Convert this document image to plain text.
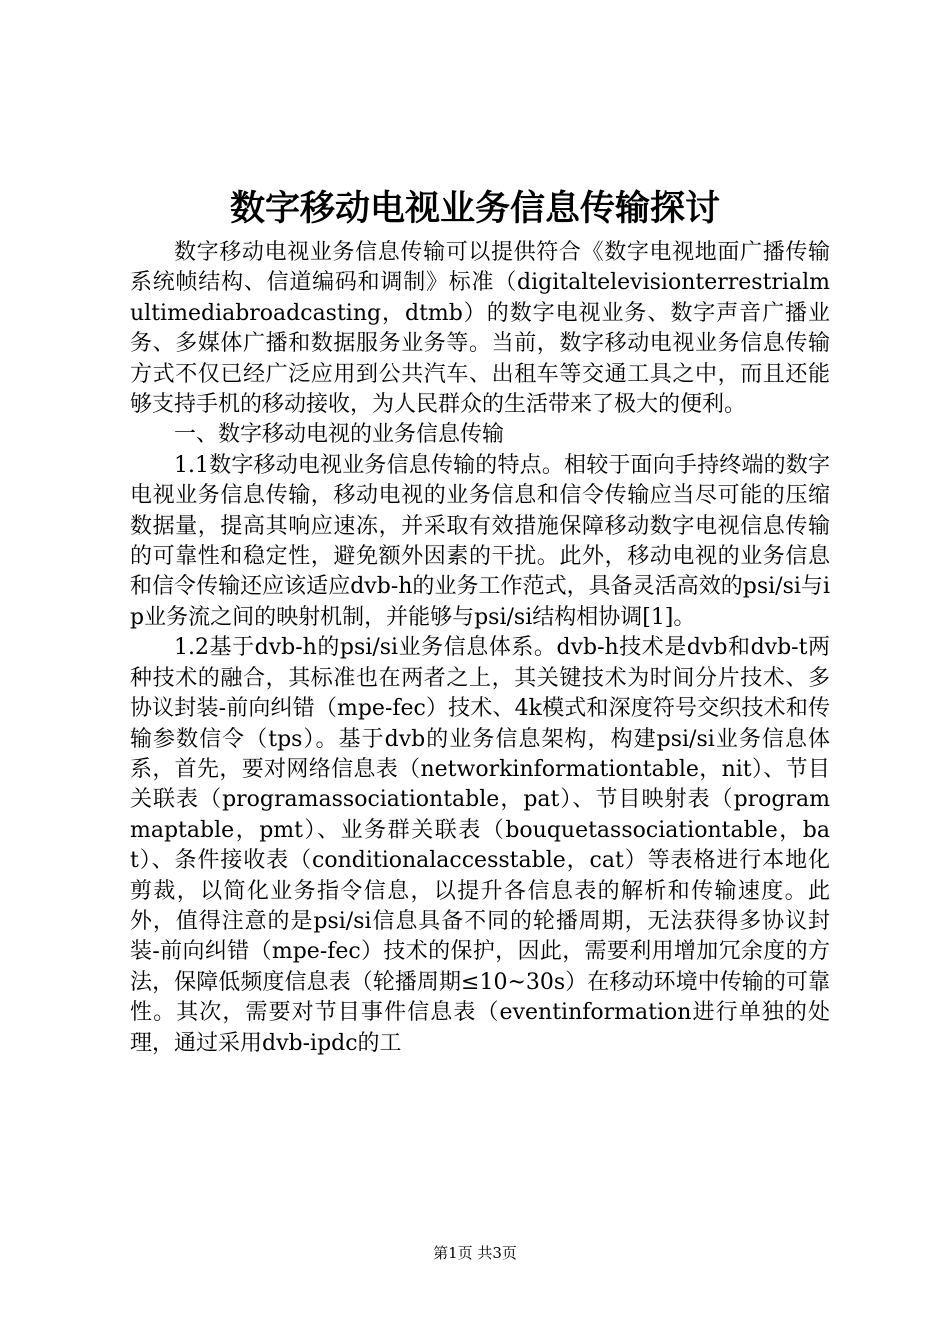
数字移动电视业务信息传输探讨

数字移动电视业务信息传输可以提供符合《数字电视地面广播传输系统帧结构、信道编码和调制》标准（digitaltelevisionterrestrialmultimediabroadcasting，dtmb）的数字电视业务、数字声音广播业务、多媒体广播和数据服务业务等。当前，数字移动电视业务信息传输方式不仅已经广泛应用到公共汽车、出租车等交通工具之中，而且还能够支持手机的移动接收，为人民群众的生活带来了极大的便利。

一、数字移动电视的业务信息传输

1.1数字移动电视业务信息传输的特点。相较于面向手持终端的数字电视业务信息传输，移动电视的业务信息和信令传输应当尽可能的压缩数据量，提高其响应速冻，并采取有效措施保障移动数字电视信息传输的可靠性和稳定性，避免额外因素的干扰。此外，移动电视的业务信息和信令传输还应该适应dvb-h的业务工作范式，具备灵活高效的psi/si与ip业务流之间的映射机制，并能够与psi/si结构相协调[1]。

1.2基于dvb-h的psi/si业务信息体系。dvb-h技术是dvb和dvb-t两种技术的融合，其标准也在两者之上，其关键技术为时间分片技术、多协议封装-前向纠错（mpe-fec）技术、4k模式和深度符号交织技术和传输参数信令（tps）。基于dvb的业务信息架构，构建psi/si业务信息体系，首先，要对网络信息表（networkinformationtable，nit）、节目关联表（programassociationtable，pat）、节目映射表（programmaptable，pmt）、业务群关联表（bouquetassociationtable，bat）、条件接收表（conditionalaccesstable，cat）等表格进行本地化剪裁，以简化业务指令信息，以提升各信息表的解析和传输速度。此外，值得注意的是psi/si信息具备不同的轮播周期，无法获得多协议封装-前向纠错（mpe-fec）技术的保护，因此，需要利用增加冗余度的方法，保障低频度信息表（轮播周期≤10~30s）在移动环境中传输的可靠性。其次，需要对节目事件信息表（eventinformation进行单独的处理，通过采用dvb-ipdc的工

第1页 共3页
